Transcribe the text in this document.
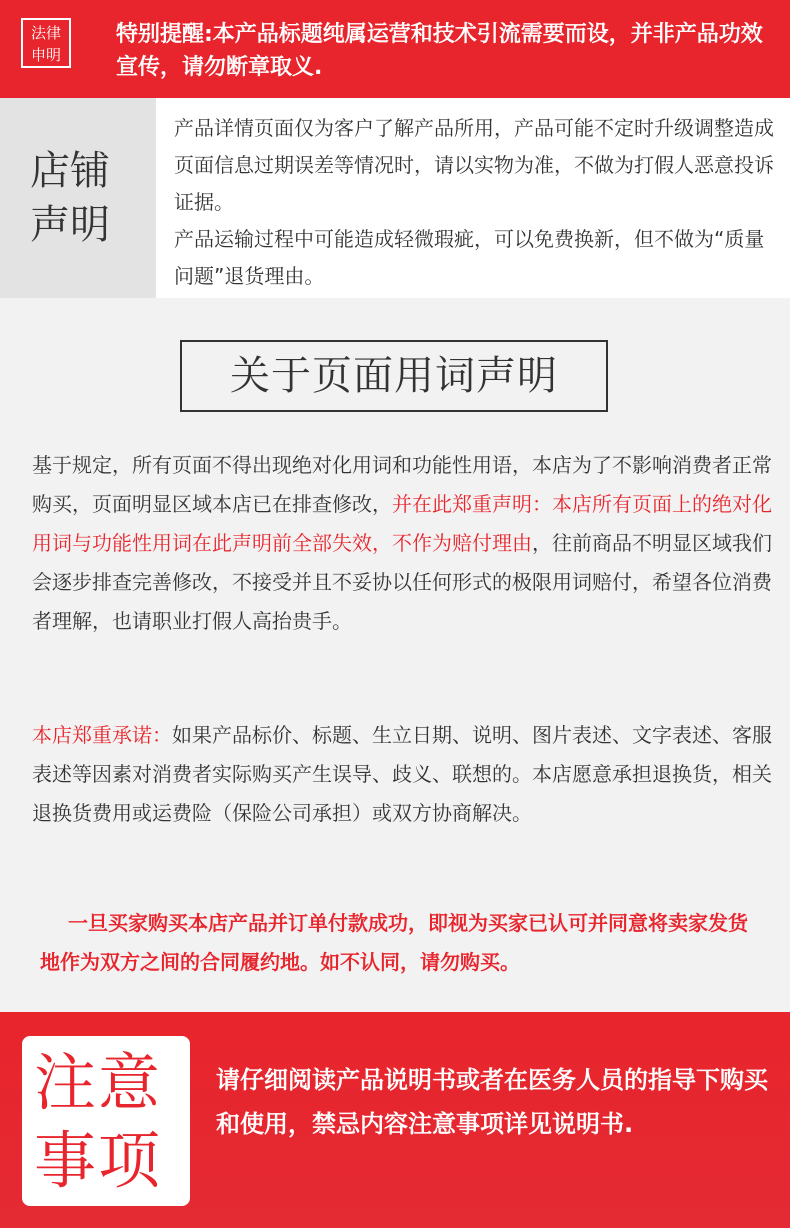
法律
申明
特别提醒:本产品标题纯属运营和技术引流需要而设，并非产品功效宣传，请勿断章取义.
店铺
声明

产品详情页面仅为客户了解产品所用，产品可能不定时升级调整造成页面信息过期误差等情况时，请以实物为准，不做为打假人恶意投诉证据。

产品运输过程中可能造成轻微瑕疵，可以免费换新，但不做为“质量问题”退货理由。

关于页面用词声明
基于规定，所有页面不得出现绝对化用词和功能性用语，本店为了不影响消费者正常购买，页面明显区域本店已在排查修改，并在此郑重声明：本店所有页面上的绝对化用词与功能性用词在此声明前全部失效，不作为赔付理由，往前商品不明显区域我们会逐步排查完善修改，不接受并且不妥协以任何形式的极限用词赔付，希望各位消费者理解，也请职业打假人高抬贵手。
本店郑重承诺：如果产品标价、标题、生立日期、说明、图片表述、文字表述、客服表述等因素对消费者实际购买产生误导、歧义、联想的。本店愿意承担退换货，相关退换货费用或运费险（保险公司承担）或双方协商解决。
一旦买家购买本店产品并订单付款成功，即视为买家已认可并同意将卖家发货地作为双方之间的合同履约地。如不认同，请勿购买。
注意
事项
请仔细阅读产品说明书或者在医务人员的指导下购买和使用，禁忌内容注意事项详见说明书.
